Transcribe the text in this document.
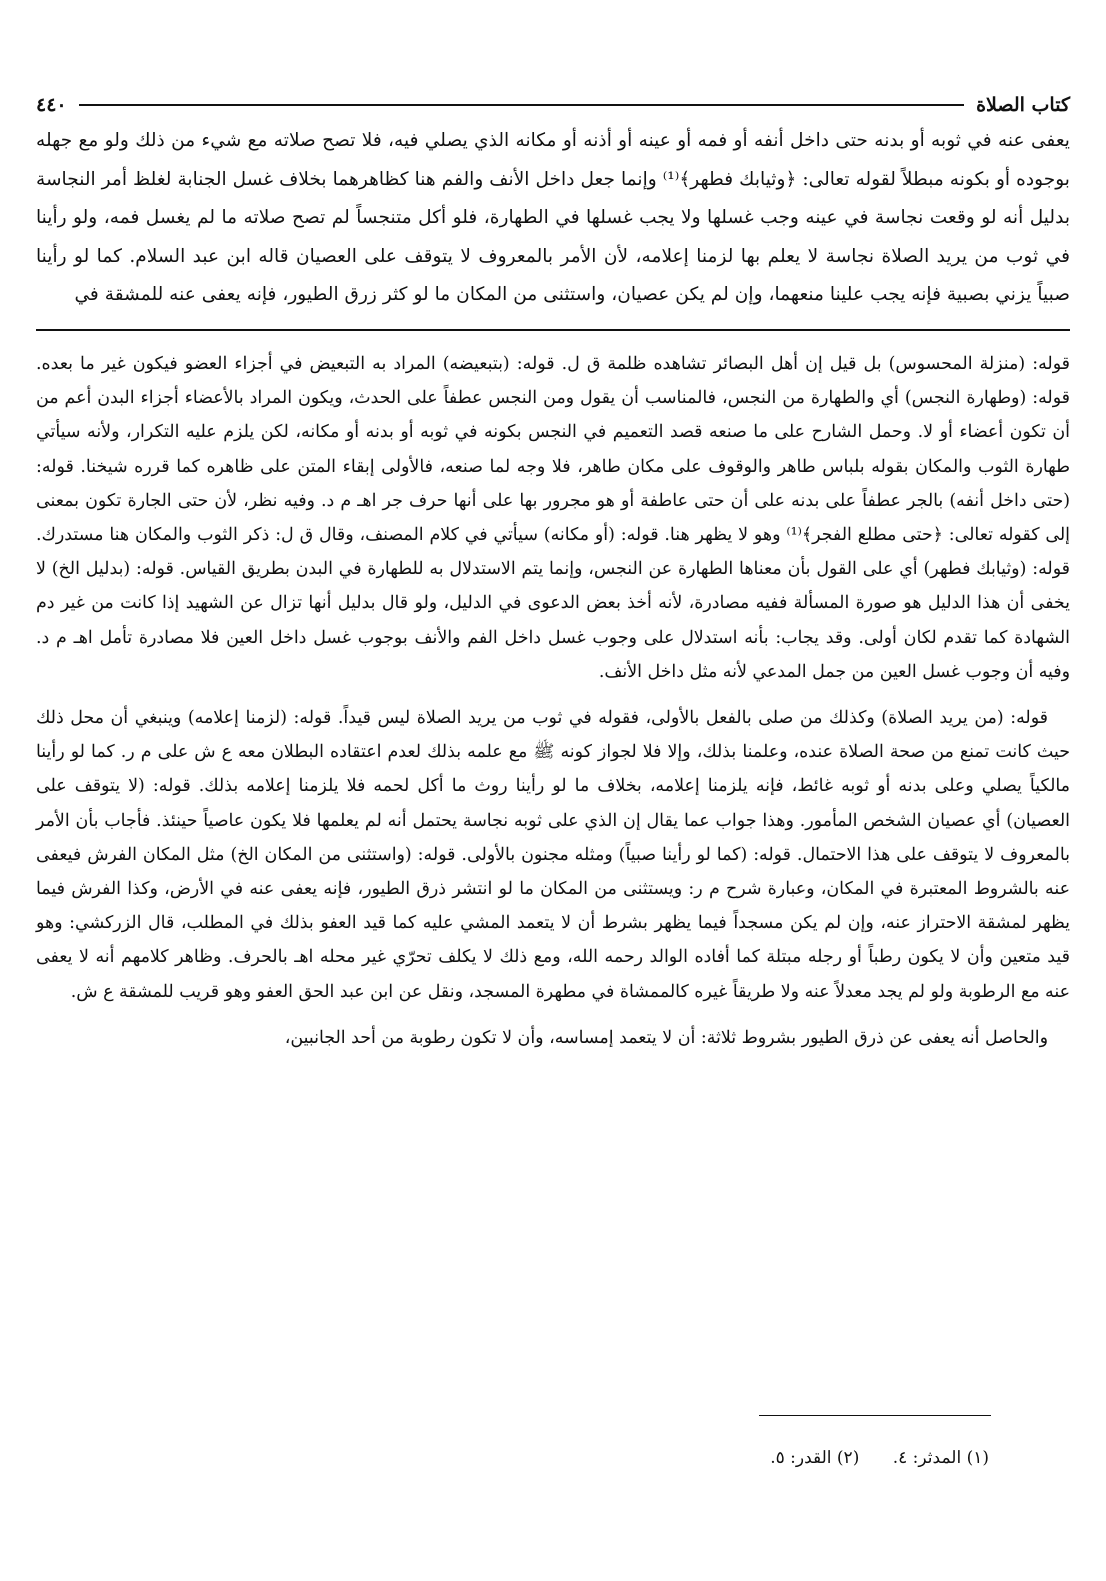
كتاب الصلاة
٤٤٠

يعفى عنه في ثوبه أو بدنه حتى داخل أنفه أو فمه أو عينه أو أذنه أو مكانه الذي يصلي فيه، فلا تصح صلاته مع شيء من ذلك ولو مع جهله بوجوده أو بكونه مبطلاً لقوله تعالى: ﴿وثيابك فطهر﴾⁽¹⁾ وإنما جعل داخل الأنف والفم هنا كظاهرهما بخلاف غسل الجنابة لغلظ أمر النجاسة بدليل أنه لو وقعت نجاسة في عينه وجب غسلها ولا يجب غسلها في الطهارة، فلو أكل متنجساً لم تصح صلاته ما لم يغسل فمه، ولو رأينا في ثوب من يريد الصلاة نجاسة لا يعلم بها لزمنا إعلامه، لأن الأمر بالمعروف لا يتوقف على العصيان قاله ابن عبد السلام. كما لو رأينا صبياً يزني بصبية فإنه يجب علينا منعهما، وإن لم يكن عصيان، واستثنى من المكان ما لو كثر زرق الطيور، فإنه يعفى عنه للمشقة في

قوله: (منزلة المحسوس) بل قيل إن أهل البصائر تشاهده ظلمة ق ل. قوله: (بتبعيضه) المراد به التبعيض في أجزاء العضو فيكون غير ما بعده. قوله: (وطهارة النجس) أي والطهارة من النجس، فالمناسب أن يقول ومن النجس عطفاً على الحدث، ويكون المراد بالأعضاء أجزاء البدن أعم من أن تكون أعضاء أو لا. وحمل الشارح على ما صنعه قصد التعميم في النجس بكونه في ثوبه أو بدنه أو مكانه، لكن يلزم عليه التكرار، ولأنه سيأتي طهارة الثوب والمكان بقوله بلباس طاهر والوقوف على مكان طاهر، فلا وجه لما صنعه، فالأولى إبقاء المتن على ظاهره كما قرره شيخنا. قوله: (حتى داخل أنفه) بالجر عطفاً على بدنه على أن حتى عاطفة أو هو مجرور بها على أنها حرف جر اهـ م د. وفيه نظر، لأن حتى الجارة تكون بمعنى إلى كقوله تعالى: ﴿حتى مطلع الفجر﴾⁽¹⁾ وهو لا يظهر هنا. قوله: (أو مكانه) سيأتي في كلام المصنف، وقال ق ل: ذكر الثوب والمكان هنا مستدرك. قوله: (وثيابك فطهر) أي على القول بأن معناها الطهارة عن النجس، وإنما يتم الاستدلال به للطهارة في البدن بطريق القياس. قوله: (بدليل الخ) لا يخفى أن هذا الدليل هو صورة المسألة ففيه مصادرة، لأنه أخذ بعض الدعوى في الدليل، ولو قال بدليل أنها تزال عن الشهيد إذا كانت من غير دم الشهادة كما تقدم لكان أولى. وقد يجاب: بأنه استدلال على وجوب غسل داخل الفم والأنف بوجوب غسل داخل العين فلا مصادرة تأمل اهـ م د. وفيه أن وجوب غسل العين من جمل المدعي لأنه مثل داخل الأنف.

قوله: (من يريد الصلاة) وكذلك من صلى بالفعل بالأولى، فقوله في ثوب من يريد الصلاة ليس قيداً. قوله: (لزمنا إعلامه) وينبغي أن محل ذلك حيث كانت تمنع من صحة الصلاة عنده، وعلمنا بذلك، وإلا فلا لجواز كونه ﷺ مع علمه بذلك لعدم اعتقاده البطلان معه ع ش على م ر. كما لو رأينا مالكياً يصلي وعلى بدنه أو ثوبه غائط، فإنه يلزمنا إعلامه، بخلاف ما لو رأينا روث ما أكل لحمه فلا يلزمنا إعلامه بذلك. قوله: (لا يتوقف على العصيان) أي عصيان الشخص المأمور. وهذا جواب عما يقال إن الذي على ثوبه نجاسة يحتمل أنه لم يعلمها فلا يكون عاصياً حينئذ. فأجاب بأن الأمر بالمعروف لا يتوقف على هذا الاحتمال. قوله: (كما لو رأينا صبياً) ومثله مجنون بالأولى. قوله: (واستثنى من المكان الخ) مثل المكان الفرش فيعفى عنه بالشروط المعتبرة في المكان، وعبارة شرح م ر: ويستثنى من المكان ما لو انتشر ذرق الطيور، فإنه يعفى عنه في الأرض، وكذا الفرش فيما يظهر لمشقة الاحتراز عنه، وإن لم يكن مسجداً فيما يظهر بشرط أن لا يتعمد المشي عليه كما قيد العفو بذلك في المطلب، قال الزركشي: وهو قيد متعين وأن لا يكون رطباً أو رجله مبتلة كما أفاده الوالد رحمه الله، ومع ذلك لا يكلف تحرّي غير محله اهـ بالحرف. وظاهر كلامهم أنه لا يعفى عنه مع الرطوبة ولو لم يجد معدلاً عنه ولا طريقاً غيره كالممشاة في مطهرة المسجد، ونقل عن ابن عبد الحق العفو وهو قريب للمشقة ع ش.

والحاصل أنه يعفى عن ذرق الطيور بشروط ثلاثة: أن لا يتعمد إمساسه، وأن لا تكون رطوبة من أحد الجانبين،

(١) المدثر: ٤. (٢) القدر: ٥.
